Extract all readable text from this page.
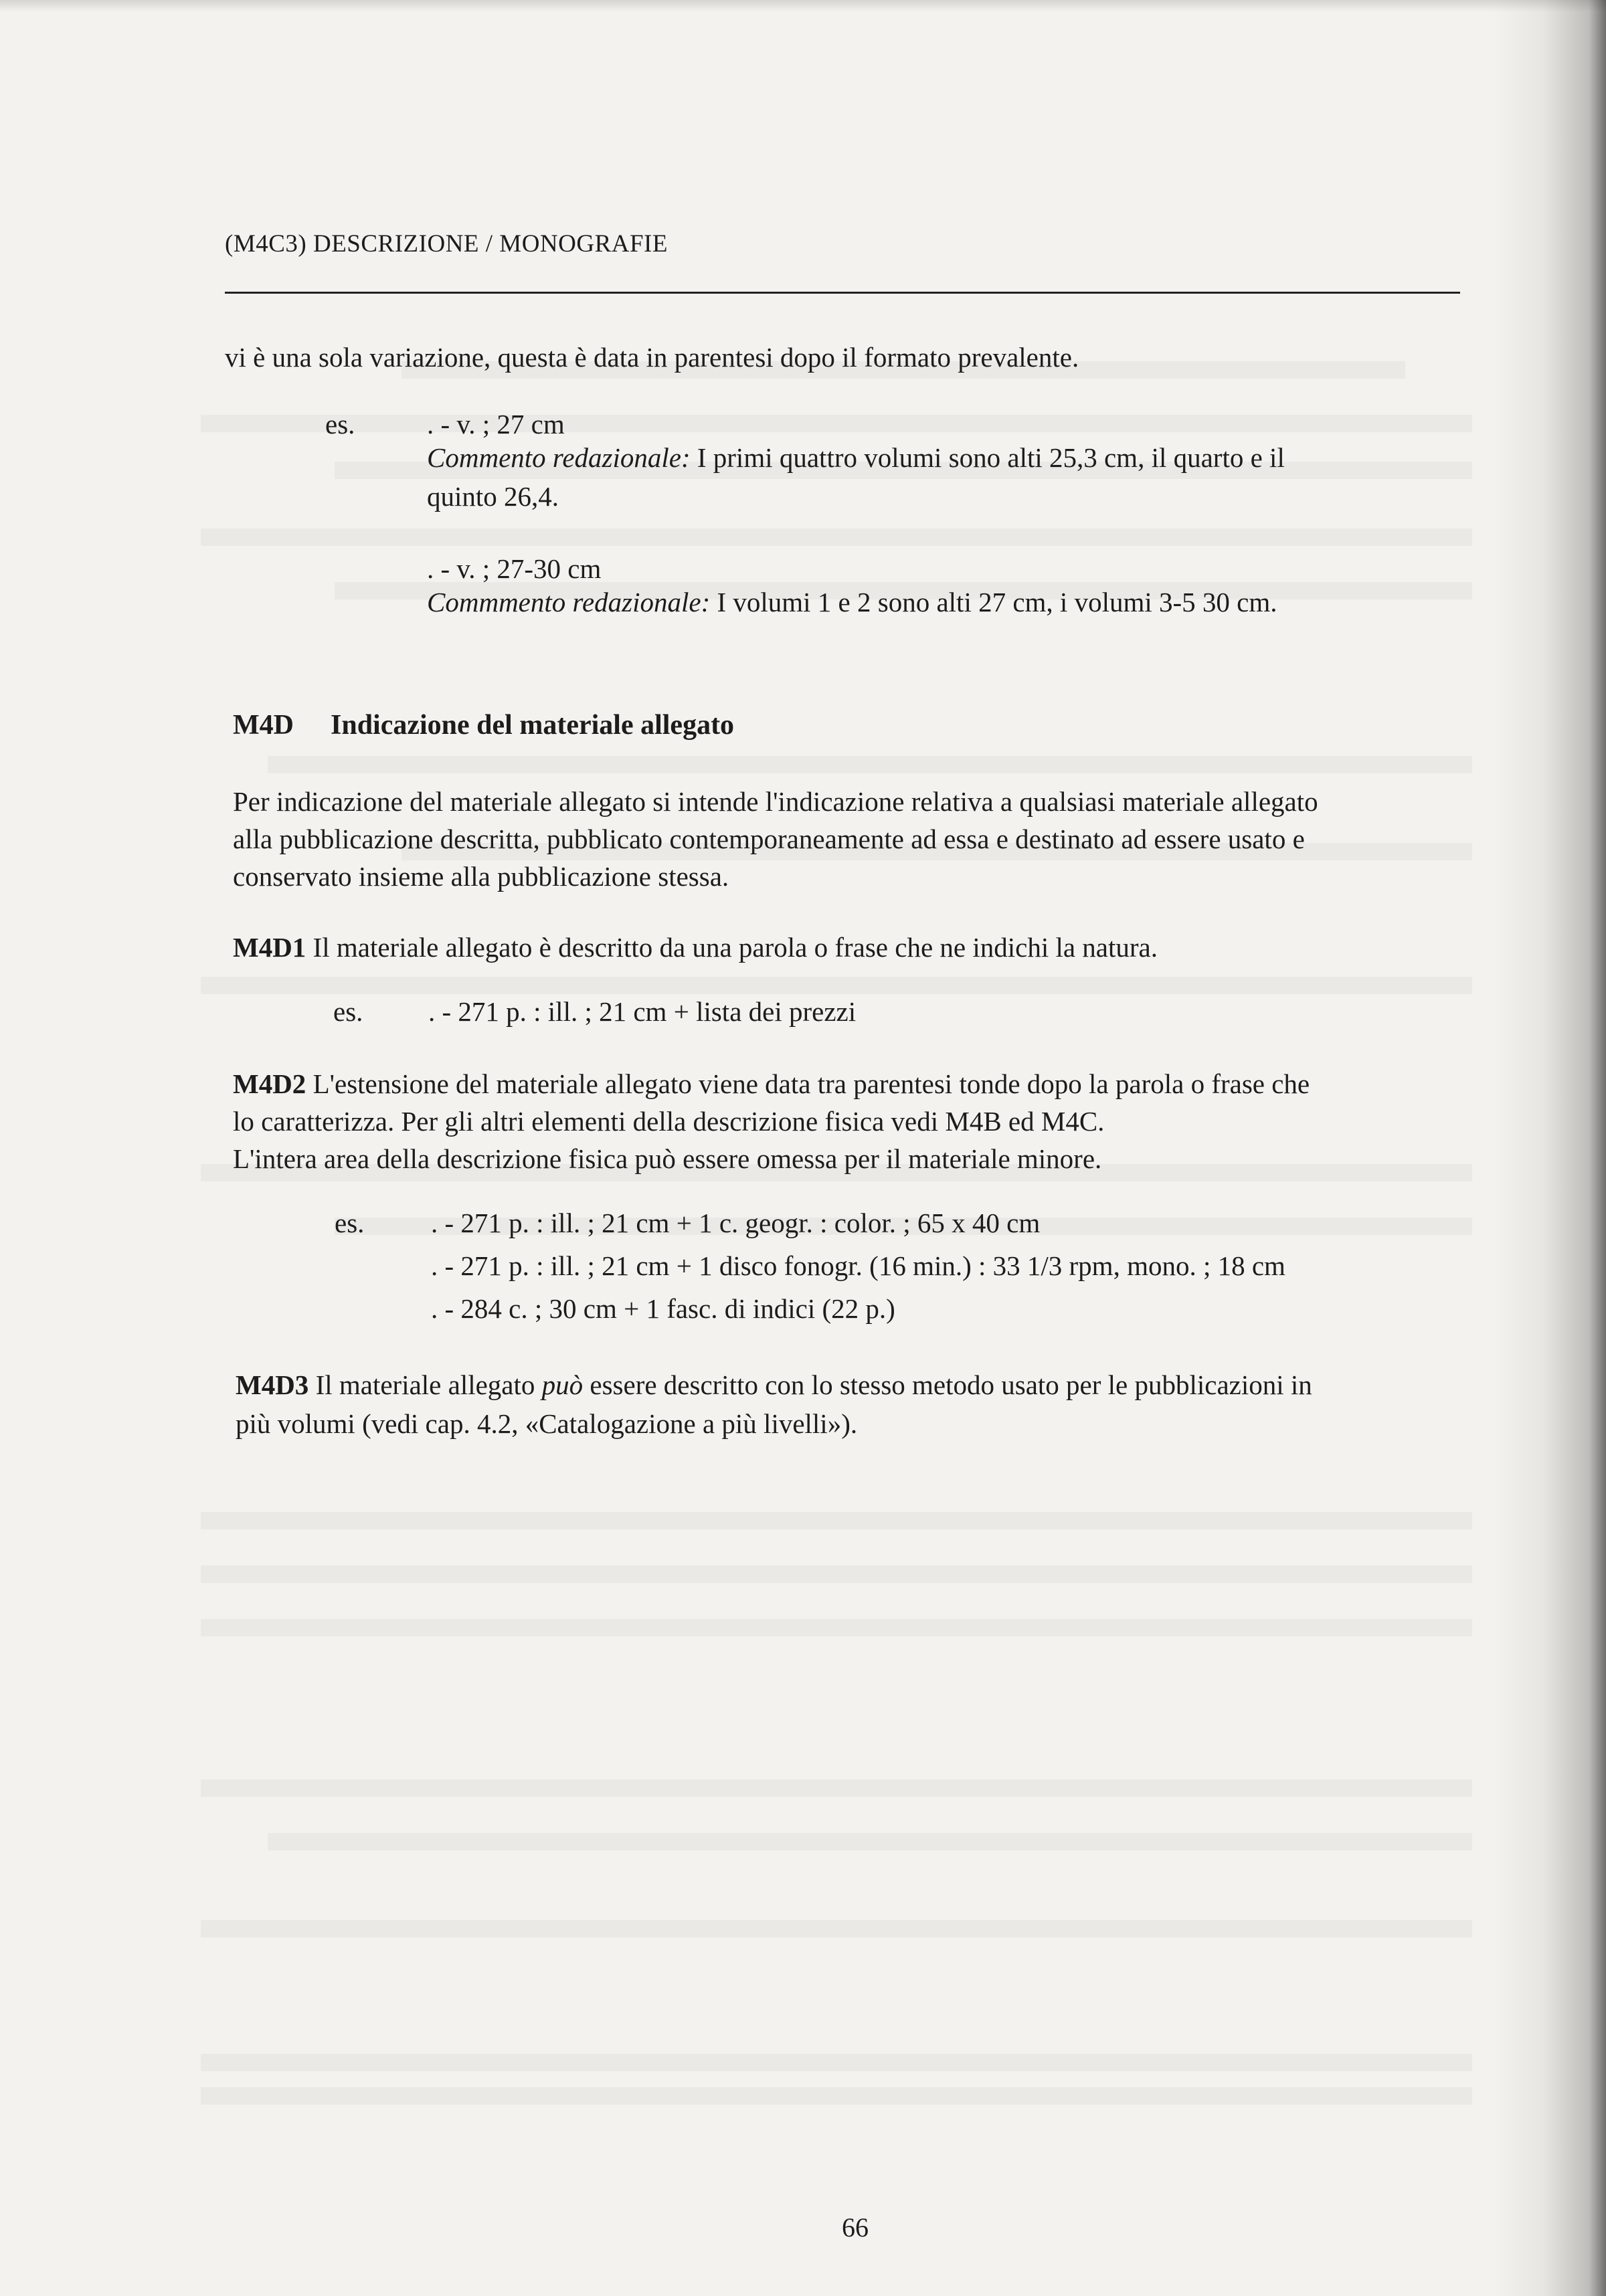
(M4C3) DESCRIZIONE / MONOGRAFIE
vi è una sola variazione, questa è data in parentesi dopo il formato prevalente.
es.	. - v. ; 27 cm
Commento redazionale: I primi quattro volumi sono alti 25,3 cm, il quarto e il
quinto 26,4.
. - v. ; 27-30 cm
Commmento redazionale: I volumi 1 e 2 sono alti 27 cm, i volumi 3-5 30 cm.
M4D Indicazione del materiale allegato
Per indicazione del materiale allegato si intende l'indicazione relativa a qualsiasi materiale allegato
alla pubblicazione descritta, pubblicato contemporaneamente ad essa e destinato ad essere usato e
conservato insieme alla pubblicazione stessa.
M4D1 Il materiale allegato è descritto da una parola o frase che ne indichi la natura.
es. . - 271 p. : ill. ; 21 cm + lista dei prezzi
M4D2 L'estensione del materiale allegato viene data tra parentesi tonde dopo la parola o frase che
lo caratterizza. Per gli altri elementi della descrizione fisica vedi M4B ed M4C.
L'intera area della descrizione fisica può essere omessa per il materiale minore.
es. . - 271 p. : ill. ; 21 cm + 1 c. geogr. : color. ; 65 x 40 cm
. - 271 p. : ill. ; 21 cm + 1 disco fonogr. (16 min.) : 33 1/3 rpm, mono. ; 18 cm
. - 284 c. ; 30 cm + 1 fasc. di indici (22 p.)
M4D3 Il materiale allegato può essere descritto con lo stesso metodo usato per le pubblicazioni in
più volumi (vedi cap. 4.2, «Catalogazione a più livelli»).
66
